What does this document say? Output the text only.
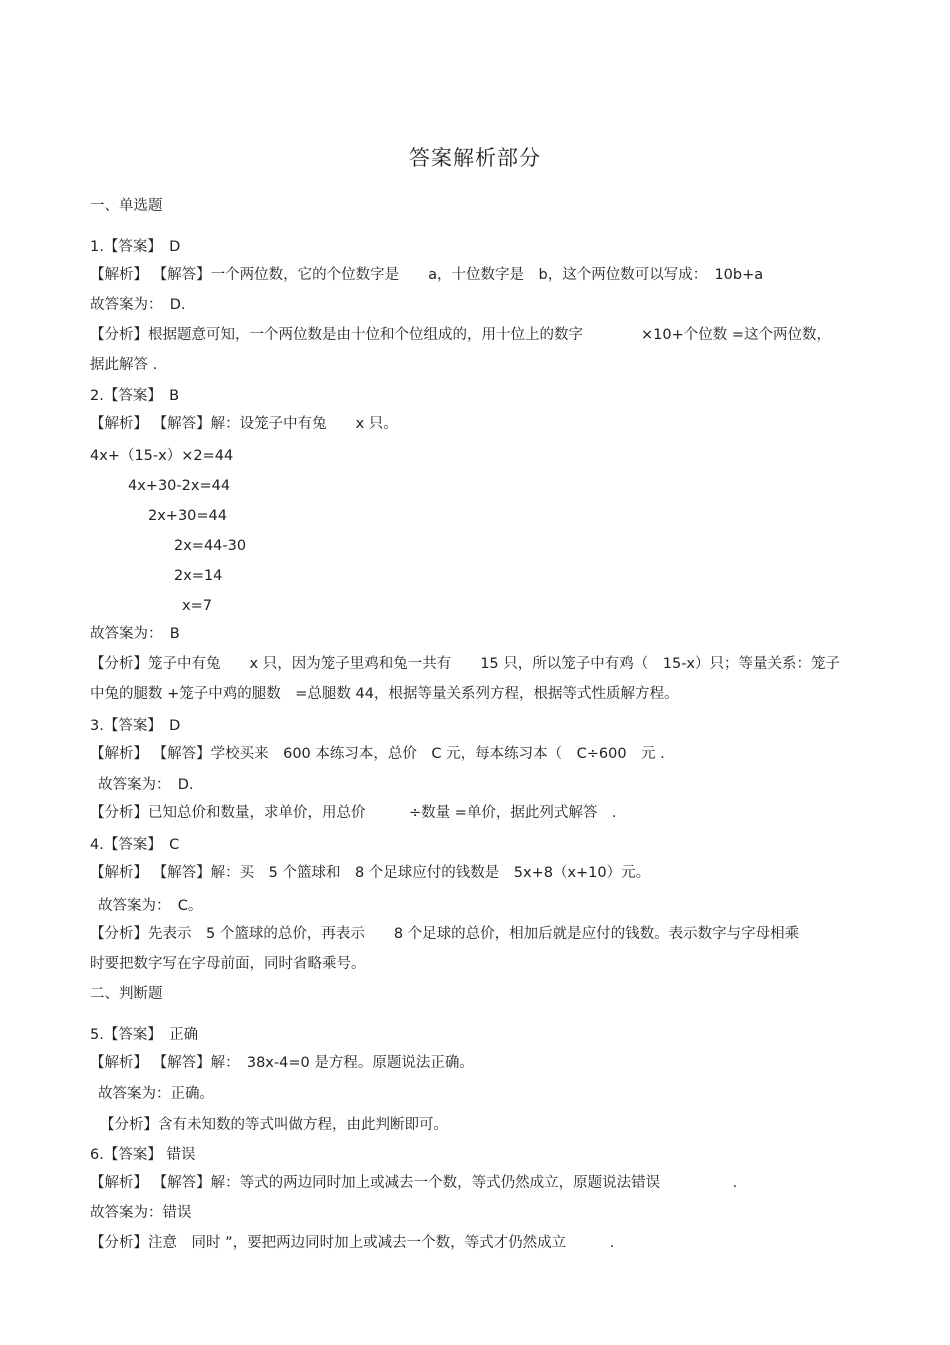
答案解析部分
一、单选题
1.【答案】　D
【解析】 【解答】一个两位数，它的个位数字是　　a，十位数字是　b，这个两位数可以写成：　10b+a
故答案为：　D.
【分析】根据题意可知，一个两位数是由十位和个位组成的，用十位上的数字　　　　×10+个位数 =这个两位数，
据此解答 .
2.【答案】　B
【解析】 【解答】解：设笼子中有兔　　x 只。
4x+（15-x）×2=44
4x+30-2x=44
2x+30=44
2x=44-30
2x=14
x=7
故答案为：　B
【分析】笼子中有兔　　x 只，因为笼子里鸡和兔一共有　　15 只，所以笼子中有鸡（　15-x）只；等量关系：笼子
中兔的腿数 +笼子中鸡的腿数　=总腿数 44，根据等量关系列方程，根据等式性质解方程。
3.【答案】　D
【解析】 【解答】学校买来　600 本练习本，总价　C 元，每本练习本（　C÷600　元 .
故答案为：　D.
【分析】已知总价和数量，求单价，用总价　　　÷数量 =单价，据此列式解答　.
4.【答案】　C
【解析】 【解答】解：买　5 个篮球和　8 个足球应付的钱数是　5x+8（x+10）元。
故答案为：　C。
【分析】先表示　5 个篮球的总价，再表示　　8 个足球的总价，相加后就是应付的钱数。表示数字与字母相乘
时要把数字写在字母前面，同时省略乘号。
二、判断题
5.【答案】　正确
【解析】 【解答】解：　38x-4=0 是方程。原题说法正确。
故答案为：正确。
【分析】含有未知数的等式叫做方程，由此判断即可。
6.【答案】 错误
【解析】 【解答】解：等式的两边同时加上或减去一个数，等式仍然成立，原题说法错误　　　　　.
故答案为：错误
【分析】注意　同时 ”，要把两边同时加上或减去一个数，等式才仍然成立　　　.
